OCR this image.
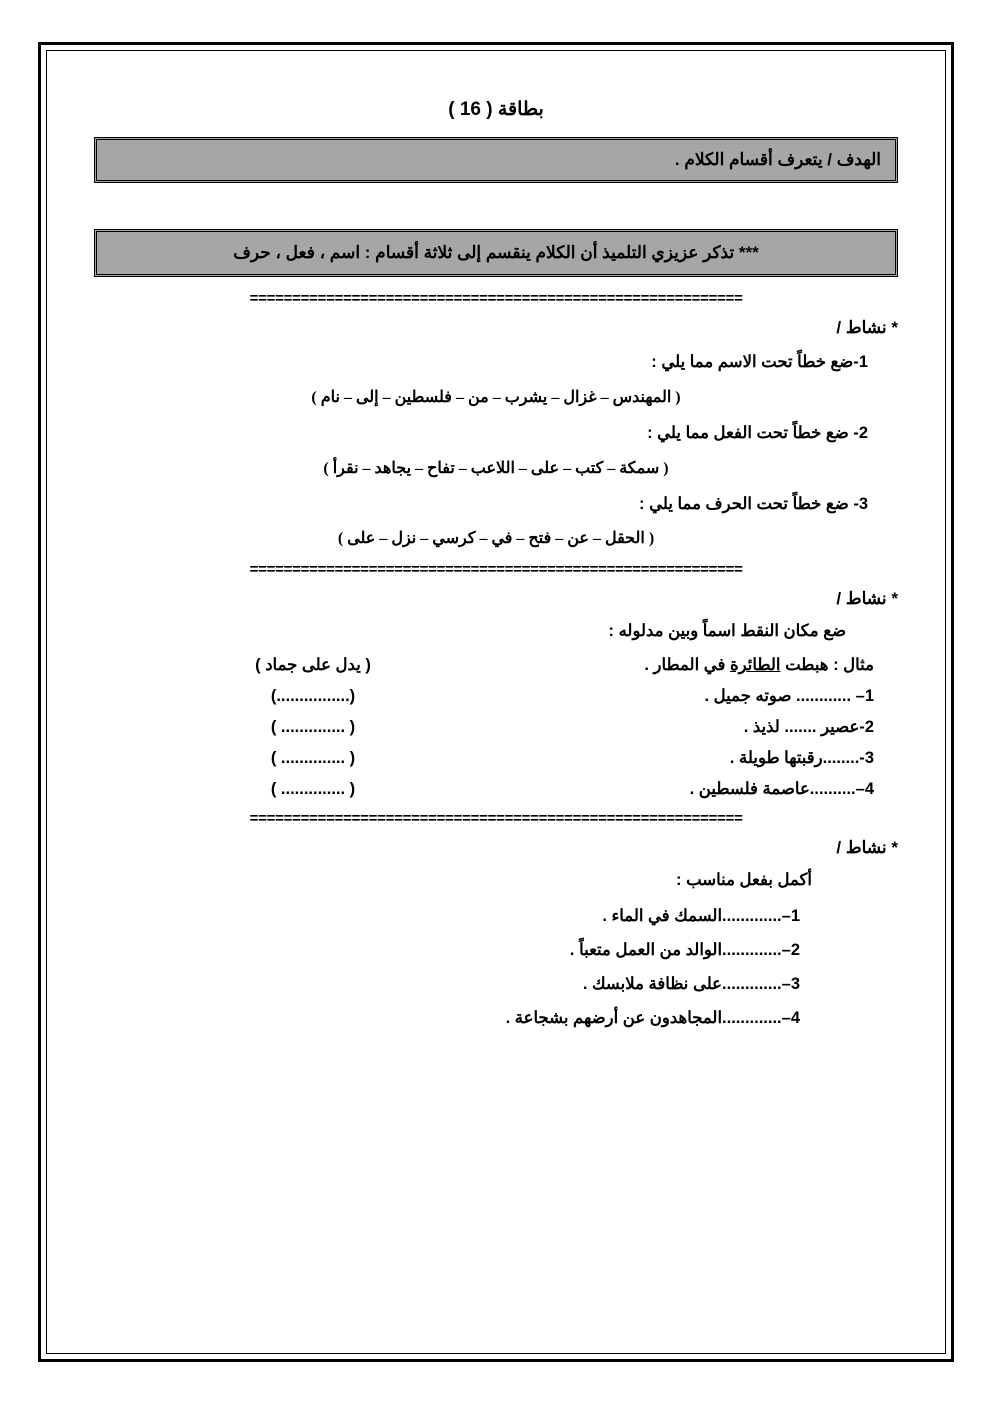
بطاقة ( 16 )
الهدف / يتعرف أقسام الكلام .
*** تذكر عزيزي التلميذ أن الكلام ينقسم إلى ثلاثة أقسام : اسم ، فعل ، حرف
==========================================================
* نشاط /
1-ضع خطاً تحت الاسم مما يلي :
( المهندس – غزال – يشرب – من – فلسطين – إلى – نام )
2- ضع خطاً تحت الفعل مما يلي :
( سمكة – كتب – على – اللاعب – تفاح – يجاهد – نقرأ )
3- ضع خطاً تحت الحرف مما يلي :
( الحقل – عن – فتح – في – كرسي – نزل – على )
==========================================================
* نشاط /
ضع مكان النقط اسماً وبين مدلوله :
مثال : هبطت الطائرة في المطار .
( يدل على جماد )
1– ............ صوته جميل .
(................)
2-عصير ....... لذيذ .
( .............. )
3-........رقبتها طويلة .
( .............. )
4–..........عاصمة فلسطين .
( .............. )
==========================================================
* نشاط /
أكمل بفعل مناسب :
1–.............السمك في الماء .
2–.............الوالد من العمل متعباً .
3–.............على نظافة ملابسك .
4–.............المجاهدون عن أرضهم بشجاعة .
